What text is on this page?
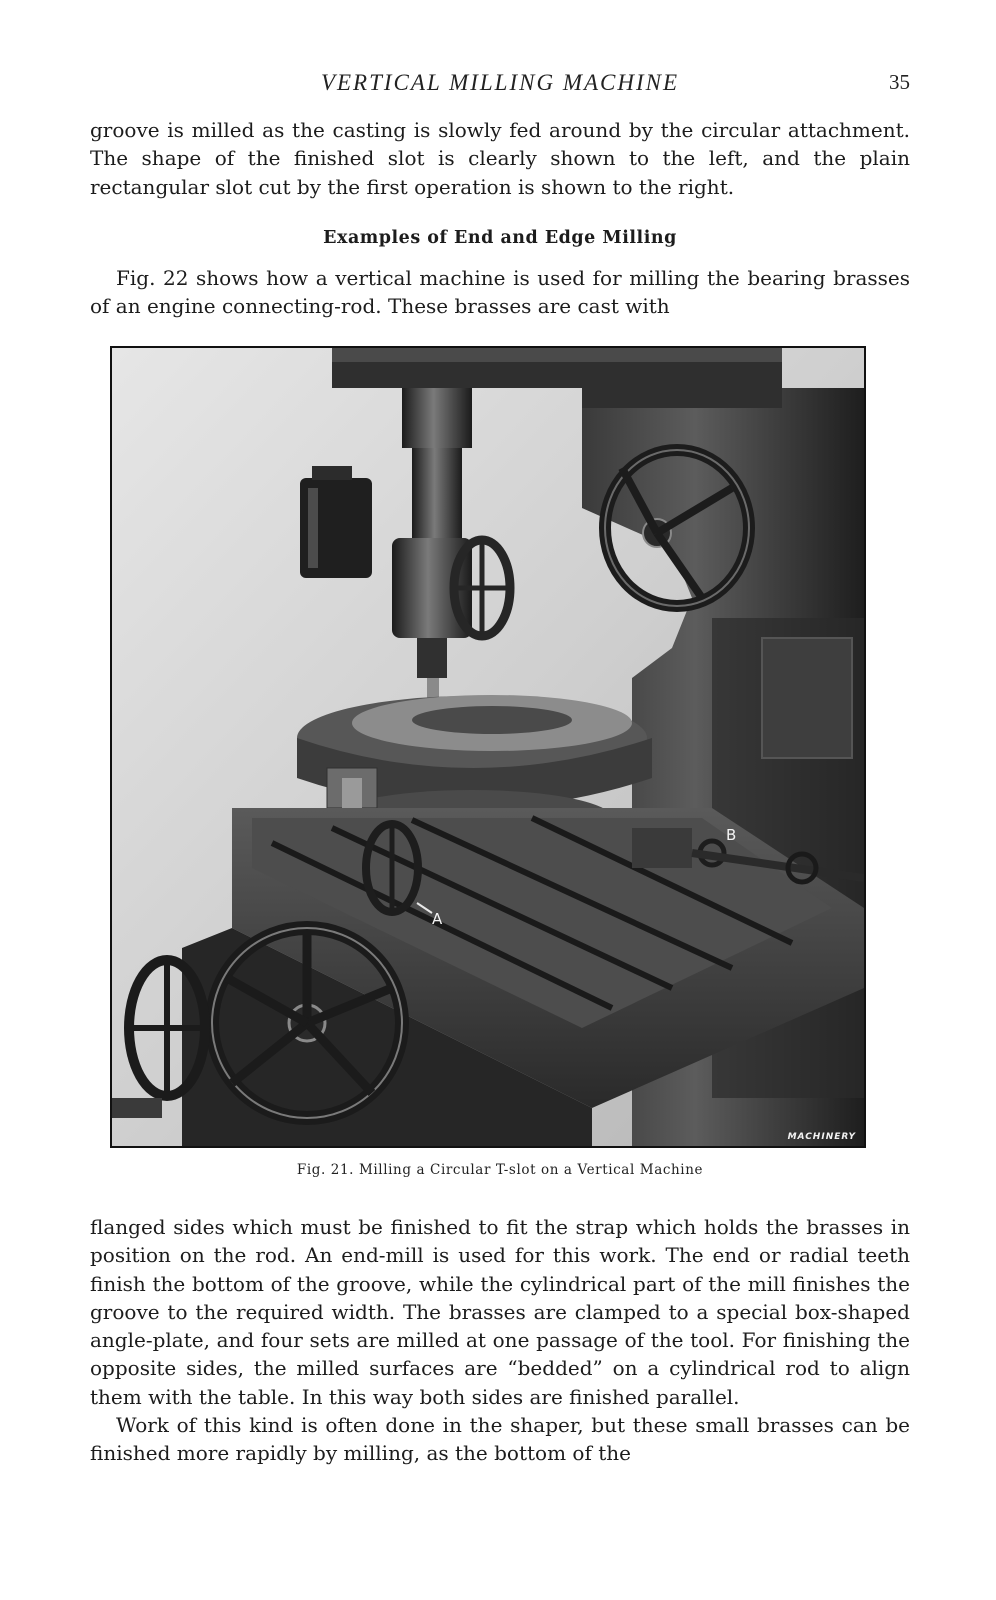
VERTICAL MILLING MACHINE	35

groove is milled as the casting is slowly fed around by the circular attachment. The shape of the finished slot is clearly shown to the left, and the plain rectangular slot cut by the first operation is shown to the right.

Examples of End and Edge Milling

Fig. 22 shows how a vertical machine is used for milling the bearing brasses of an engine connecting-rod. These brasses are cast with

A
B
MACHINERY
Fig. 21. Milling a Circular T-slot on a Vertical Machine

flanged sides which must be finished to fit the strap which holds the brasses in position on the rod. An end-mill is used for this work. The end or radial teeth finish the bottom of the groove, while the cylindrical part of the mill finishes the groove to the required width. The brasses are clamped to a special box-shaped angle-plate, and four sets are milled at one passage of the tool. For finishing the opposite sides, the milled surfaces are “bedded” on a cylindrical rod to align them with the table. In this way both sides are finished parallel.

Work of this kind is often done in the shaper, but these small brasses can be finished more rapidly by milling, as the bottom of the
